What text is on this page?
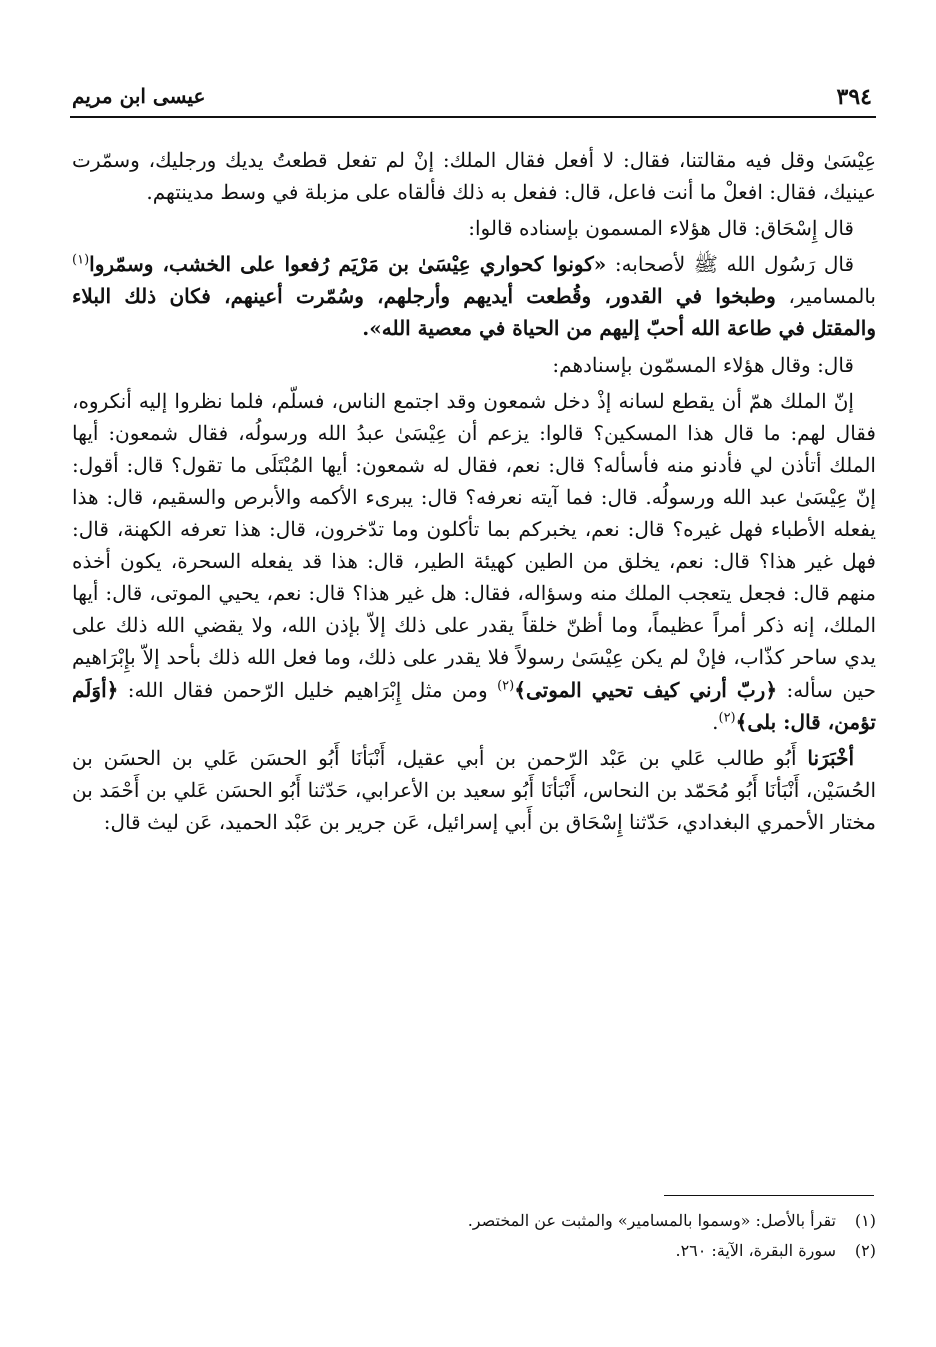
٣٩٤
عيسى ابن مريم

عِيْسَىٰ وقل فيه مقالتنا، فقال: لا أفعل فقال الملك: إنْ لم تفعل قطعتُ يديك ورجليك، وسمّرت عينيك، فقال: افعلْ ما أنت فاعل، قال: ففعل به ذلك فألقاه على مزبلة في وسط مدينتهم.

قال إِسْحَاق: قال هؤلاء المسمون بإسناده قالوا:

قال رَسُول الله ﷺ لأصحابه: «كونوا كحواري عِيْسَىٰ بن مَرْيَم رُفعوا على الخشب، وسمّروا$^{(١)}$ بالمسامير، وطبخوا في القدور، وقُطعت أيديهم وأرجلهم، وسُمّرت أعينهم، فكان ذلك البلاء والمقتل في طاعة الله أحبّ إليهم من الحياة في معصية الله».

قال: وقال هؤلاء المسمّون بإسنادهم:

إنّ الملك همّ أن يقطع لسانه إذْ دخل شمعون وقد اجتمع الناس، فسلّم، فلما نظروا إليه أنكروه، فقال لهم: ما قال هذا المسكين؟ قالوا: يزعم أن عِيْسَىٰ عبدُ الله ورسولُه، فقال شمعون: أيها الملك أتأذن لي فأدنو منه فأسأله؟ قال: نعم، فقال له شمعون: أيها المُبْتَلَى ما تقول؟ قال: أقول: إنّ عِيْسَىٰ عبد الله ورسولُه. قال: فما آيته نعرفه؟ قال: يبرىء الأكمه والأبرص والسقيم، قال: هذا يفعله الأطباء فهل غيره؟ قال: نعم، يخبركم بما تأكلون وما تدّخرون، قال: هذا تعرفه الكهنة، قال: فهل غير هذا؟ قال: نعم، يخلق من الطين كهيئة الطير، قال: هذا قد يفعله السحرة، يكون أخذه منهم قال: فجعل يتعجب الملك منه وسؤاله، فقال: هل غير هذا؟ قال: نعم، يحيي الموتى، قال: أيها الملك، إنه ذكر أمراً عظيماً، وما أظنّ خلقاً يقدر على ذلك إلاّ بإذن الله، ولا يقضي الله ذلك على يدي ساحر كذّاب، فإنْ لم يكن عِيْسَىٰ رسولاً فلا يقدر على ذلك، وما فعل الله ذلك بأحد إلاّ بإِبْرَاهيم حين سأله: ﴿ربّ أرني كيف تحيي الموتى﴾$^{(٢)}$ ومن مثل إِبْرَاهيم خليل الرّحمن فقال الله: ﴿أوَلَم تؤمن، قال: بلى﴾$^{(٢)}$.

أخْبَرَنا أَبُو طالب عَلي بن عَبْد الرّحمن بن أبي عقيل، أَنْبَأنَا أَبُو الحسَن عَلي بن الحسَن بن الحُسَيْن، أَنْبَأنَا أَبُو مُحَمّد بن النحاس، أَنْبَأنَا أَبُو سعيد بن الأعرابي، حَدّثنا أَبُو الحسَن عَلي بن أَحْمَد بن مختار الأحمري البغدادي، حَدّثنا إِسْحَاق بن أَبي إسرائيل، عَن جرير بن عَبْد الحميد، عَن ليث قال:

(١)تقرأ بالأصل: «وسموا بالمسامير» والمثبت عن المختصر.
(٢)سورة البقرة، الآية: ٢٦٠.
